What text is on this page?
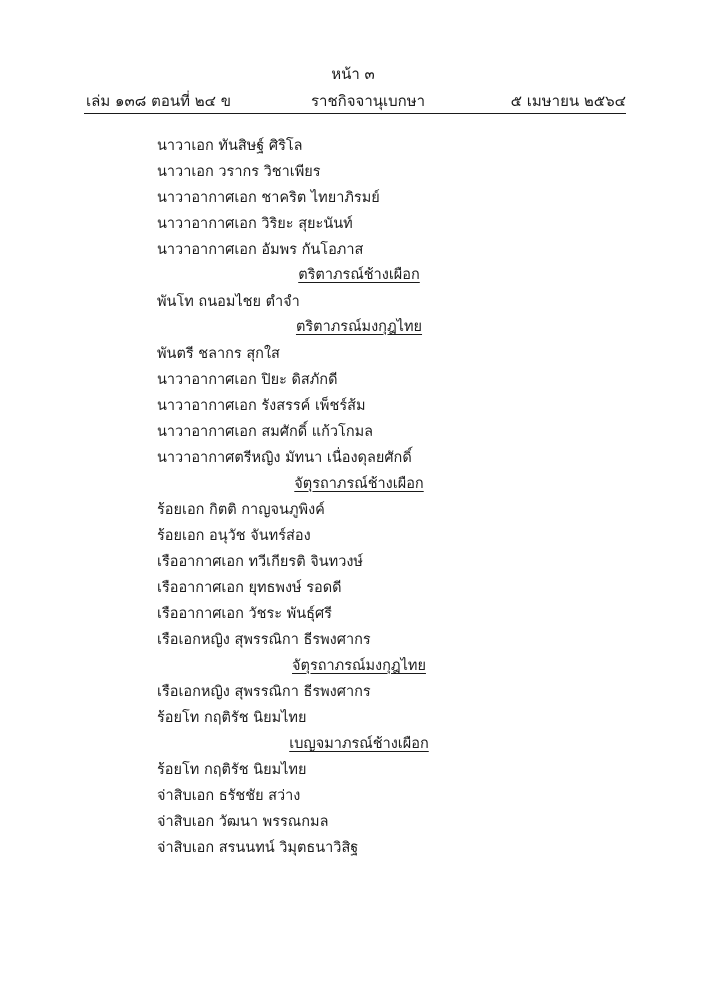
หน้า ๓
เล่ม ๑๓๘ ตอนที่ ๒๔ ข	ราชกิจจานุเบกษา	๕ เมษายน ๒๕๖๔
นาวาเอก ทันสิษฐ์ ศิริโล
นาวาเอก วรากร วิชาเพียร
นาวาอากาศเอก ชาคริต ไทยาภิรมย์
นาวาอากาศเอก วิริยะ สุยะนันท์
นาวาอากาศเอก อัมพร กันโอภาส
ตริตาภรณ์ช้างเผือก
พันโท ถนอมไชย ตำจำ
ตริตาภรณ์มงกุฎไทย
พันตรี ชลากร สุกใส
นาวาอากาศเอก ปิยะ ดิสภักดี
นาวาอากาศเอก รังสรรค์ เพ็ชร์ส้ม
นาวาอากาศเอก สมศักดิ์ แก้วโกมล
นาวาอากาศตรีหญิง มัทนา เนื่องดุลยศักดิ์
จัตุรถาภรณ์ช้างเผือก
ร้อยเอก กิตติ กาญจนภูพิงค์
ร้อยเอก อนุวัช จันทร์ส่อง
เรืออากาศเอก ทวีเกียรติ จินทวงษ์
เรืออากาศเอก ยุทธพงษ์ รอดดี
เรืออากาศเอก วัชระ พันธุ์ศรี
เรือเอกหญิง สุพรรณิกา ธีรพงศากร
จัตุรถาภรณ์มงกุฎไทย
เรือเอกหญิง สุพรรณิกา ธีรพงศากร
ร้อยโท กฤติรัช นิยมไทย
เบญจมาภรณ์ช้างเผือก
ร้อยโท กฤติรัช นิยมไทย
จ่าสิบเอก ธรัชชัย สว่าง
จ่าสิบเอก วัฒนา พรรณกมล
จ่าสิบเอก สรนนทน์ วิมุตธนาวิสิฐ
